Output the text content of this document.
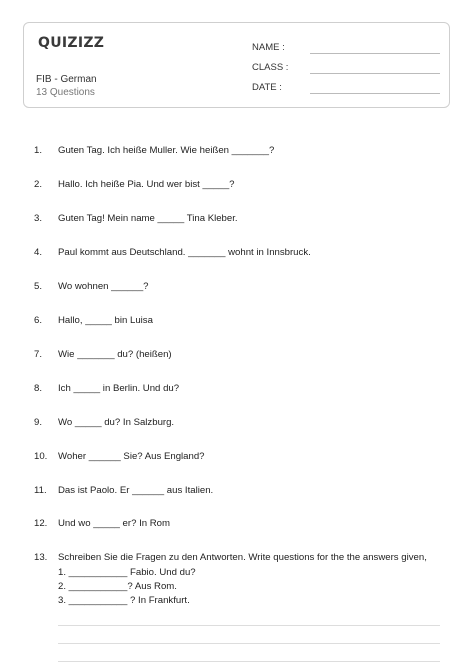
QUIZIZZ
FIB - German
13 Questions
NAME :
CLASS :
DATE :
1. Guten Tag. Ich heiße Muller. Wie heißen _______?
2. Hallo. Ich heiße Pia. Und wer bist _____?
3. Guten Tag! Mein name _____ Tina Kleber.
4. Paul kommt aus Deutschland. _______ wohnt in Innsbruck.
5. Wo wohnen ______?
6. Hallo, _____ bin Luisa
7. Wie _______ du? (heißen)
8. Ich _____ in Berlin. Und du?
9. Wo _____ du? In Salzburg.
10. Woher ______ Sie? Aus England?
11. Das ist Paolo. Er ______ aus Italien.
12. Und wo _____ er? In Rom
13. Schreiben Sie die Fragen zu den Antworten. Write questions for the the answers given,
1. ___________ Fabio. Und du?
2. ___________? Aus Rom.
3. ___________ ? In Frankfurt.
